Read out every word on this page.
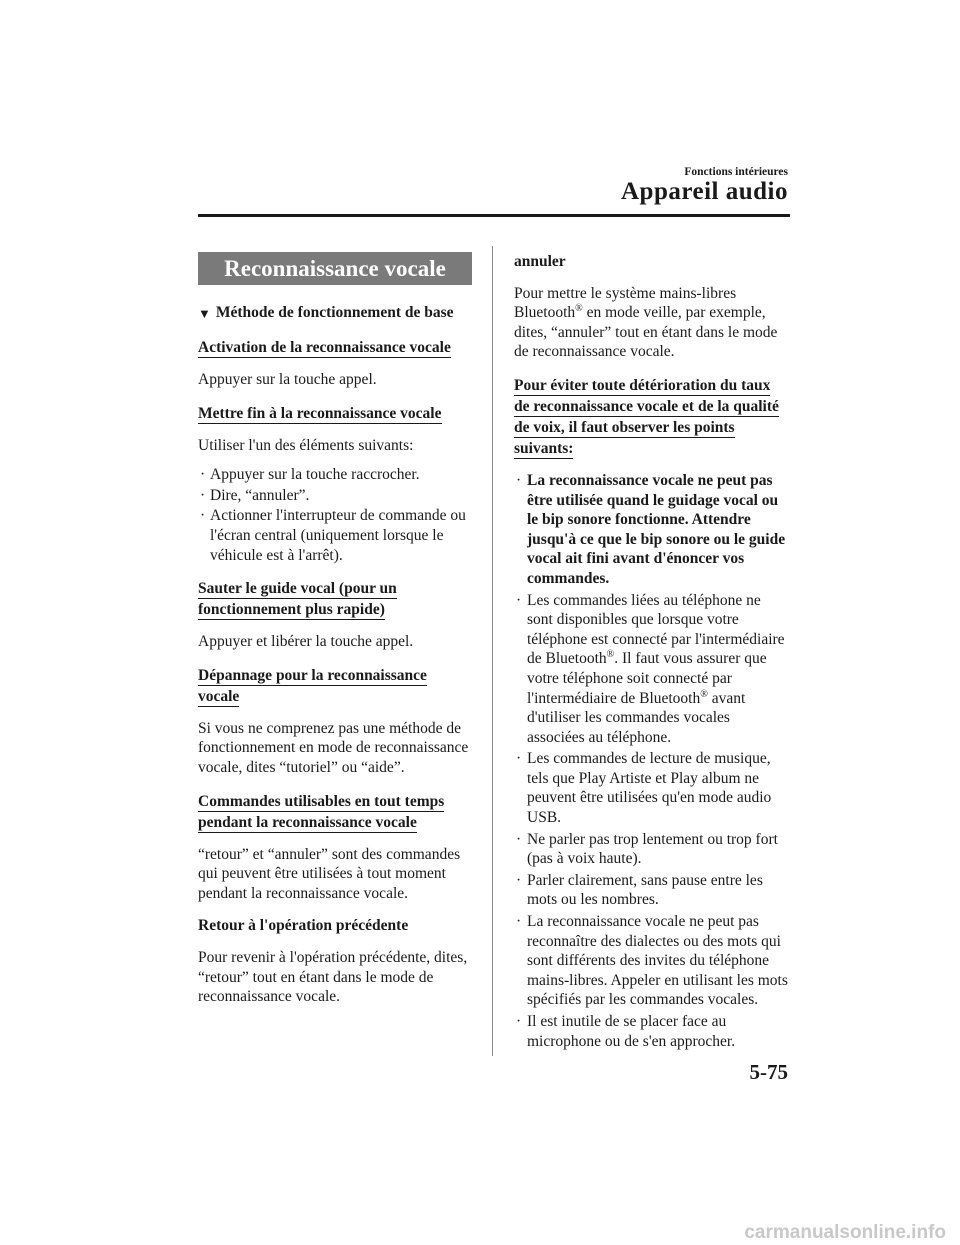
Fonctions intérieures
Appareil audio
Reconnaissance vocale
▼ Méthode de fonctionnement de base
Activation de la reconnaissance vocale

Appuyer sur la touche appel.

Mettre fin à la reconnaissance vocale

Utiliser l'un des éléments suivants:

· Appuyer sur la touche raccrocher.
· Dire, “annuler”.
· Actionner l'interrupteur de commande ou l'écran central (uniquement lorsque le véhicule est à l'arrêt).
Sauter le guide vocal (pour un
fonctionnement plus rapide)

Appuyer et libérer la touche appel.

Dépannage pour la reconnaissance
vocale

Si vous ne comprenez pas une méthode de fonctionnement en mode de reconnaissance vocale, dites “tutoriel” ou “aide”.

Commandes utilisables en tout temps
pendant la reconnaissance vocale

“retour” et “annuler” sont des commandes qui peuvent être utilisées à tout moment pendant la reconnaissance vocale.

Retour à l'opération précédente

Pour revenir à l'opération précédente, dites, “retour” tout en étant dans le mode de reconnaissance vocale.

annuler

Pour mettre le système mains-libres Bluetooth® en mode veille, par exemple, dites, “annuler” tout en étant dans le mode de reconnaissance vocale.

Pour éviter toute détérioration du taux
de reconnaissance vocale et de la qualité
de voix, il faut observer les points
suivants:
· La reconnaissance vocale ne peut pas être utilisée quand le guidage vocal ou le bip sonore fonctionne. Attendre jusqu'à ce que le bip sonore ou le guide vocal ait fini avant d'énoncer vos commandes.
· Les commandes liées au téléphone ne sont disponibles que lorsque votre téléphone est connecté par l'intermédiaire de Bluetooth®. Il faut vous assurer que votre téléphone soit connecté par l'intermédiaire de Bluetooth® avant d'utiliser les commandes vocales associées au téléphone.
· Les commandes de lecture de musique, tels que Play Artiste et Play album ne peuvent être utilisées qu'en mode audio USB.
· Ne parler pas trop lentement ou trop fort (pas à voix haute).
· Parler clairement, sans pause entre les mots ou les nombres.
· La reconnaissance vocale ne peut pas reconnaître des dialectes ou des mots qui sont différents des invites du téléphone mains-libres. Appeler en utilisant les mots spécifiés par les commandes vocales.
· Il est inutile de se placer face au microphone ou de s'en approcher.
5-75
carmanualsonline.info
